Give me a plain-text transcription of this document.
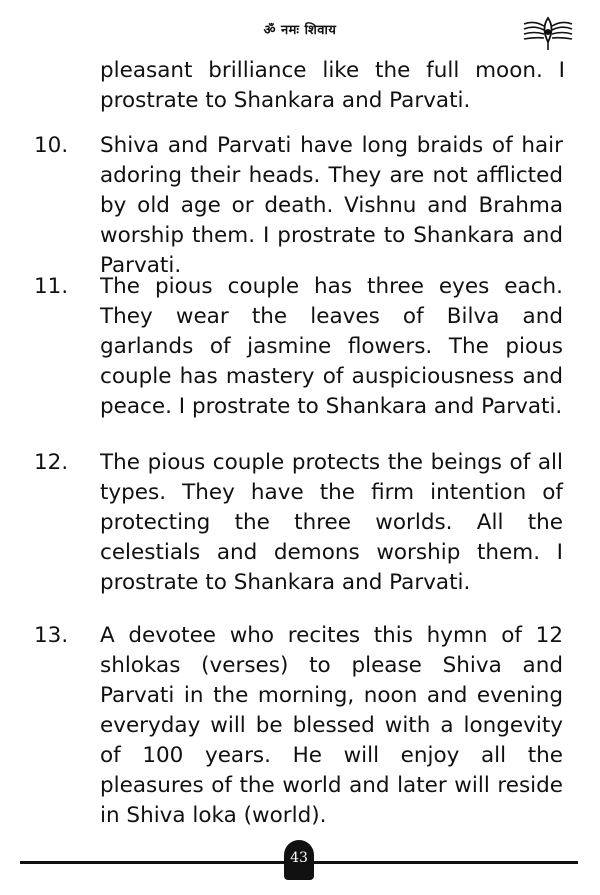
ॐ नमः शिवाय
pleasant brilliance like the full moon. I prostrate to Shankara and Parvati.
10. Shiva and Parvati have long braids of hair adoring their heads. They are not afflicted by old age or death. Vishnu and Brahma worship them. I prostrate to Shankara and Parvati.
11. The pious couple has three eyes each. They wear the leaves of Bilva and garlands of jasmine flowers. The pious couple has mastery of auspiciousness and peace. I prostrate to Shankara and Parvati.
12. The pious couple protects the beings of all types. They have the firm intention of protecting the three worlds. All the celestials and demons worship them. I prostrate to Shankara and Parvati.
13. A devotee who recites this hymn of 12 shlokas (verses) to please Shiva and Parvati in the morning, noon and evening everyday will be blessed with a longevity of 100 years. He will enjoy all the pleasures of the world and later will reside in Shiva loka (world).
43
